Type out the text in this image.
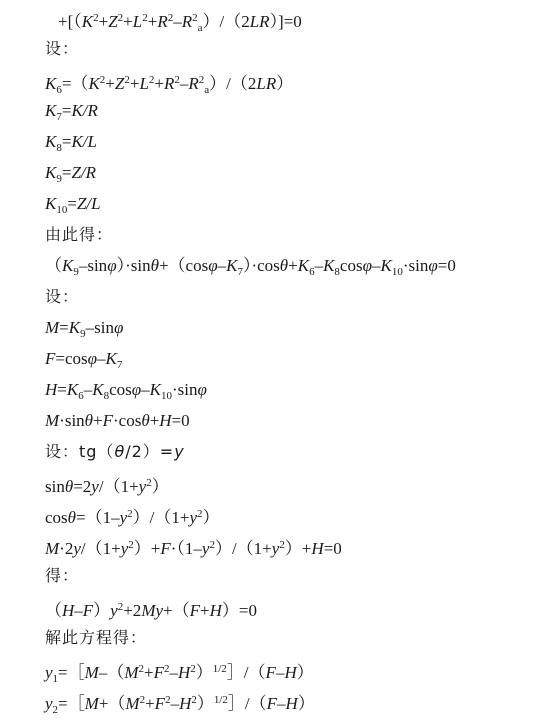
$+[(K^2+Z^2+L^2+R^2-R^2_a)/(2LR)]=0$
设：
$K_6=(K^2+Z^2+L^2+R^2-R^2_a)/(2LR)$
$K_7=K/R$
$K_8=K/L$
$K_9=Z/R$
$K_{10}=Z/L$
由此得：
$(K_9-\sin\varphi)\cdot\sin\theta+(\cos\varphi-K_7)\cdot\cos\theta+K_6-K_8\cos\varphi-K_{10}\cdot\sin\varphi=0$
设：
$M=K_9$–sinφ
$F=\cos\varphi-K_7$
$H=K_6-K_8\cos\varphi-K_{10}\cdot\sin\varphi$
M·sinθ+F·cosθ+H=0
设：tg（θ/2）=y
$\sin\theta=2y/(1+y^2)$
$\cos\theta=(1-y^2)/(1+y^2)$
$M\cdot 2y/(1+y^2)+F\cdot(1-y^2)/(1+y^2)+H=0$
得：
$(H-F)y^2+2My+(F+H)=0$
解此方程得：
$y_1=[M-(M^2+F^2-H^2)^{1/2}]/(F-H)$
$y_2=[M+(M^2+F^2-H^2)^{1/2}]/(F-H)$
